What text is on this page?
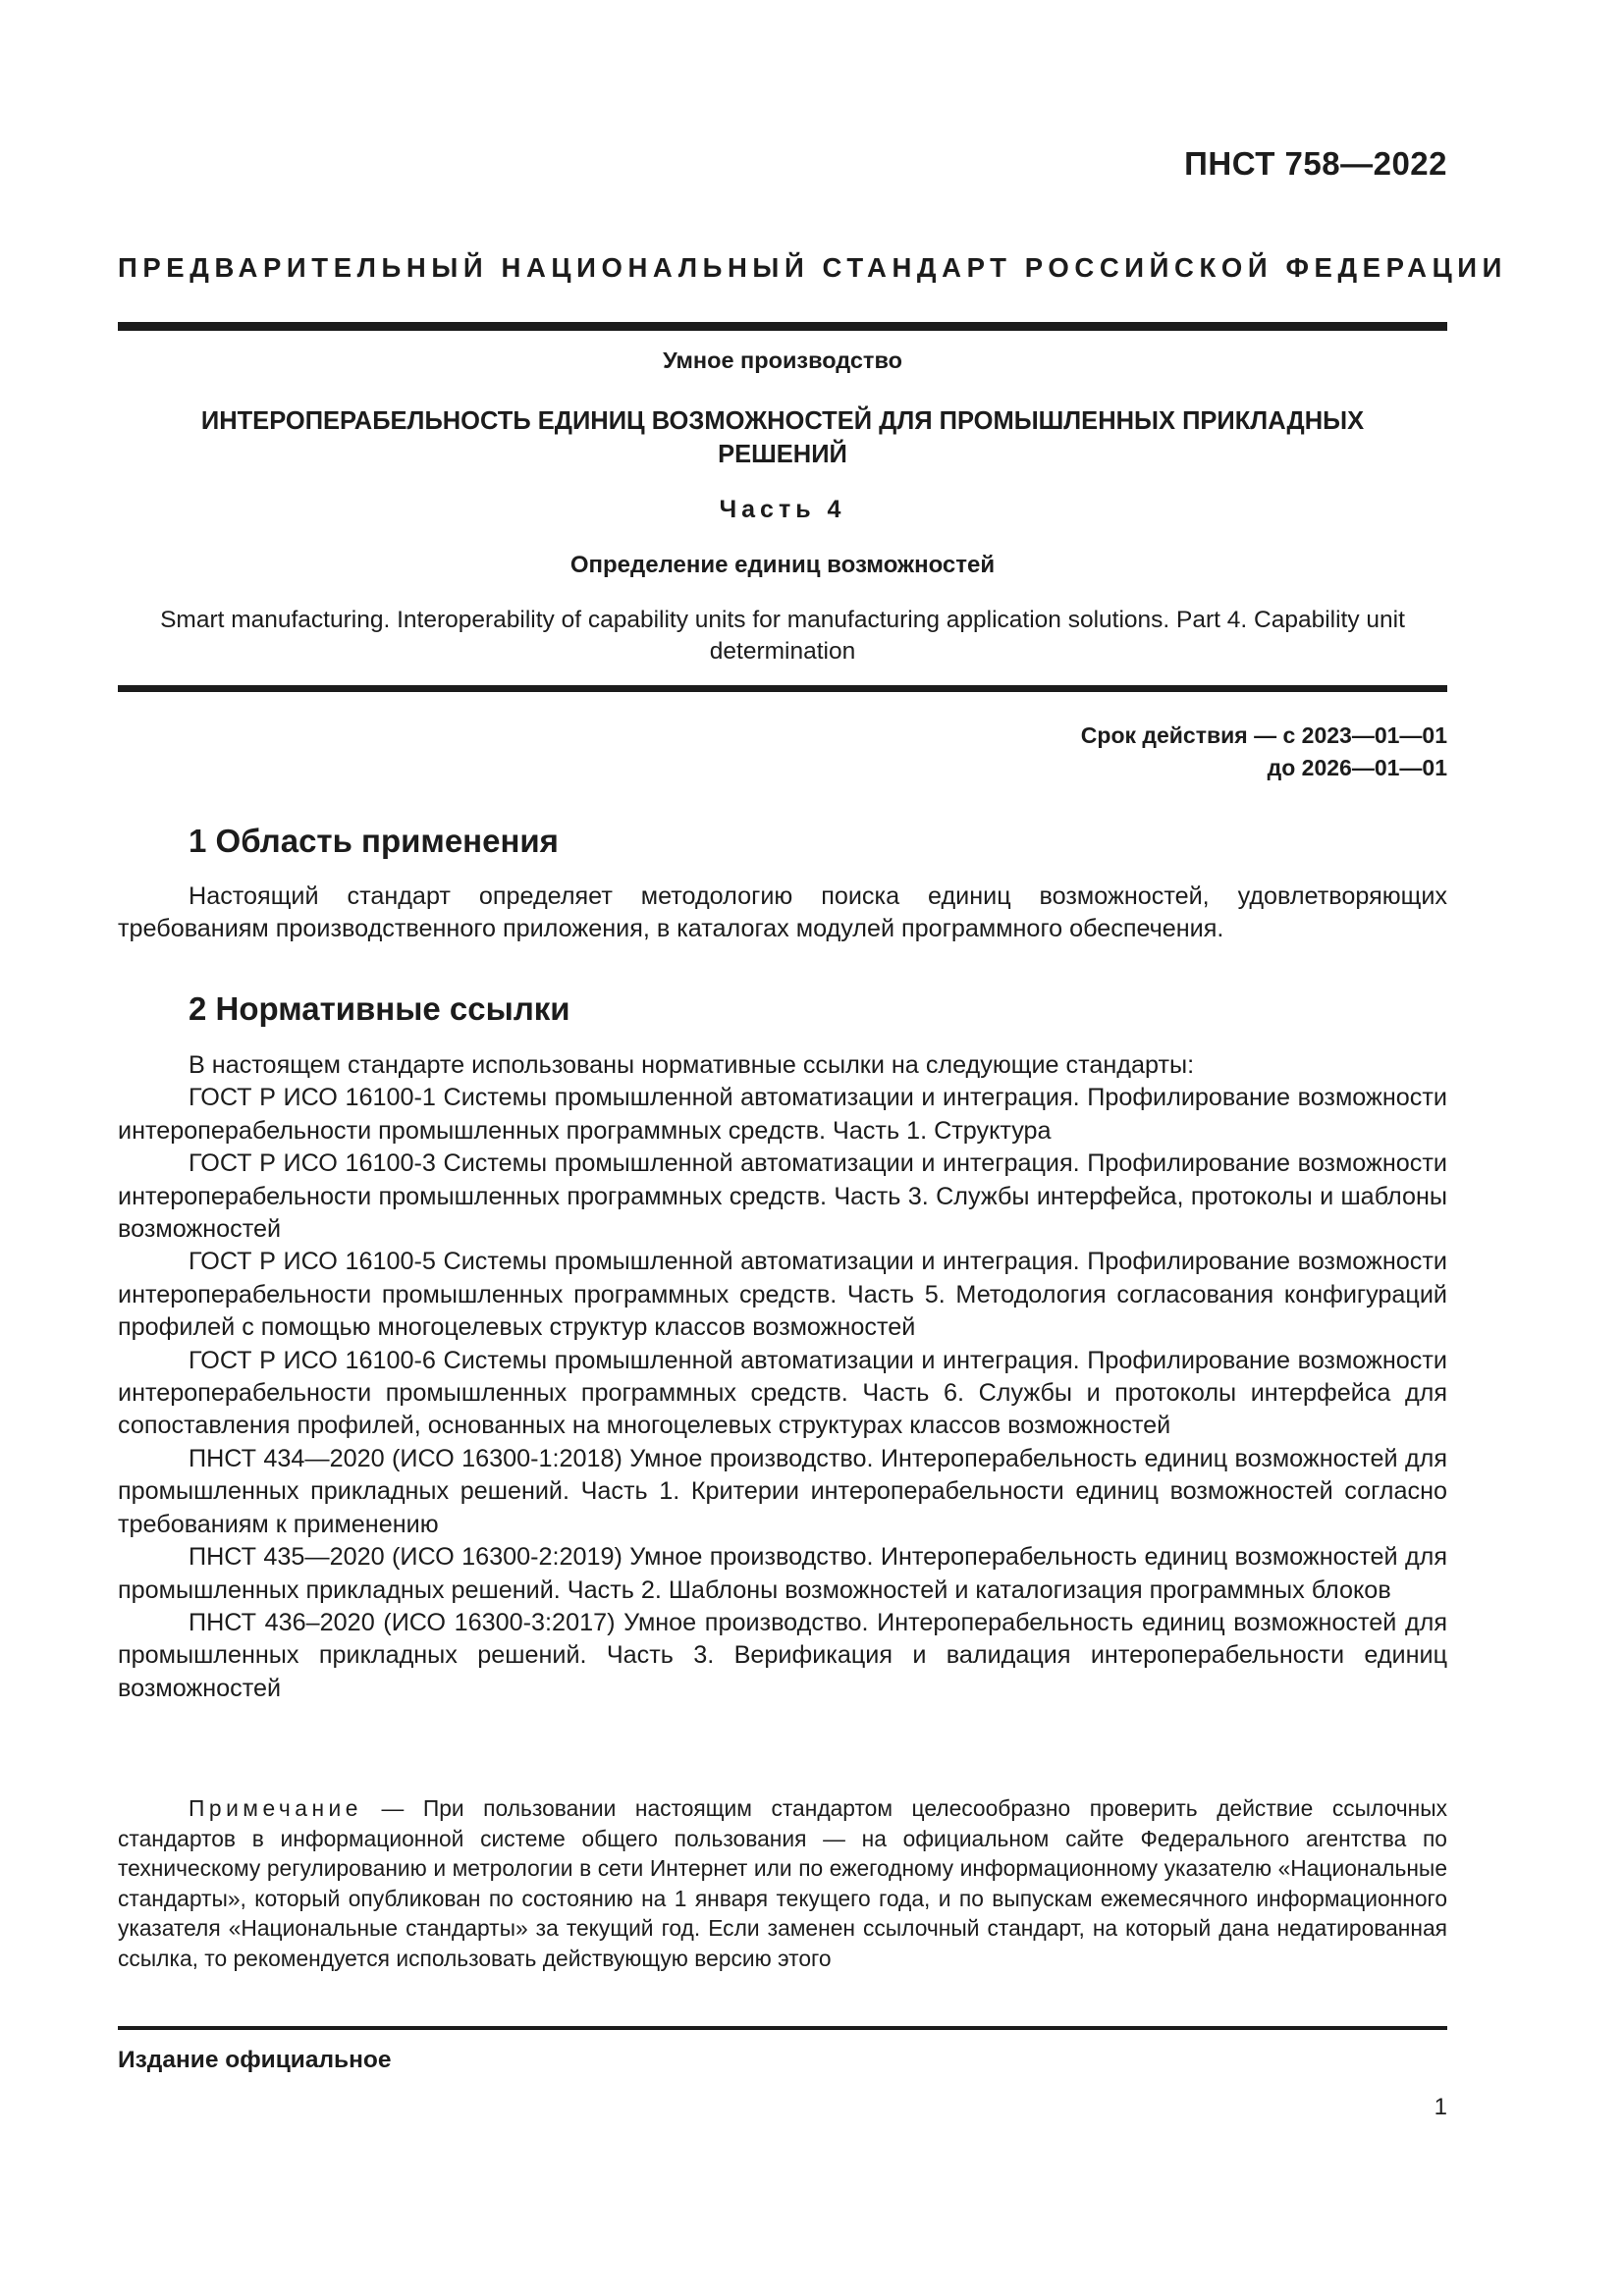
ПНСТ 758—2022
ПРЕДВАРИТЕЛЬНЫЙ НАЦИОНАЛЬНЫЙ СТАНДАРТ РОССИЙСКОЙ ФЕДЕРАЦИИ
Умное производство
ИНТЕРОПЕРАБЕЛЬНОСТЬ ЕДИНИЦ ВОЗМОЖНОСТЕЙ ДЛЯ ПРОМЫШЛЕННЫХ ПРИКЛАДНЫХ РЕШЕНИЙ
Часть 4
Определение единиц возможностей
Smart manufacturing. Interoperability of capability units for manufacturing application solutions. Part 4. Capability unit determination
Срок действия — с 2023—01—01
до 2026—01—01
1 Область применения

Настоящий стандарт определяет методологию поиска единиц возможностей, удовлетворяющих требованиям производственного приложения, в каталогах модулей программного обеспечения.

2 Нормативные ссылки

В настоящем стандарте использованы нормативные ссылки на следующие стандарты:

ГОСТ Р ИСО 16100-1 Системы промышленной автоматизации и интеграция. Профилирование возможности интероперабельности промышленных программных средств. Часть 1. Структура

ГОСТ Р ИСО 16100-3 Системы промышленной автоматизации и интеграция. Профилирование возможности интероперабельности промышленных программных средств. Часть 3. Службы интерфейса, протоколы и шаблоны возможностей

ГОСТ Р ИСО 16100-5 Системы промышленной автоматизации и интеграция. Профилирование возможности интероперабельности промышленных программных средств. Часть 5. Методология согласования конфигураций профилей с помощью многоцелевых структур классов возможностей

ГОСТ Р ИСО 16100-6 Системы промышленной автоматизации и интеграция. Профилирование возможности интероперабельности промышленных программных средств. Часть 6. Службы и протоколы интерфейса для сопоставления профилей, основанных на многоцелевых структурах классов возможностей

ПНСТ 434—2020 (ИСО 16300-1:2018) Умное производство. Интероперабельность единиц возможностей для промышленных прикладных решений. Часть 1. Критерии интероперабельности единиц возможностей согласно требованиям к применению

ПНСТ 435—2020 (ИСО 16300-2:2019) Умное производство. Интероперабельность единиц возможностей для промышленных прикладных решений. Часть 2. Шаблоны возможностей и каталогизация программных блоков

ПНСТ 436–2020 (ИСО 16300-3:2017) Умное производство. Интероперабельность единиц возможностей для промышленных прикладных решений. Часть 3. Верификация и валидация интероперабельности единиц возможностей

Примечание — При пользовании настоящим стандартом целесообразно проверить действие ссылочных стандартов в информационной системе общего пользования — на официальном сайте Федерального агентства по техническому регулированию и метрологии в сети Интернет или по ежегодному информационному указателю «Национальные стандарты», который опубликован по состоянию на 1 января текущего года, и по выпускам ежемесячного информационного указателя «Национальные стандарты» за текущий год. Если заменен ссылочный стандарт, на который дана недатированная ссылка, то рекомендуется использовать действующую версию этого
Издание официальное
1
